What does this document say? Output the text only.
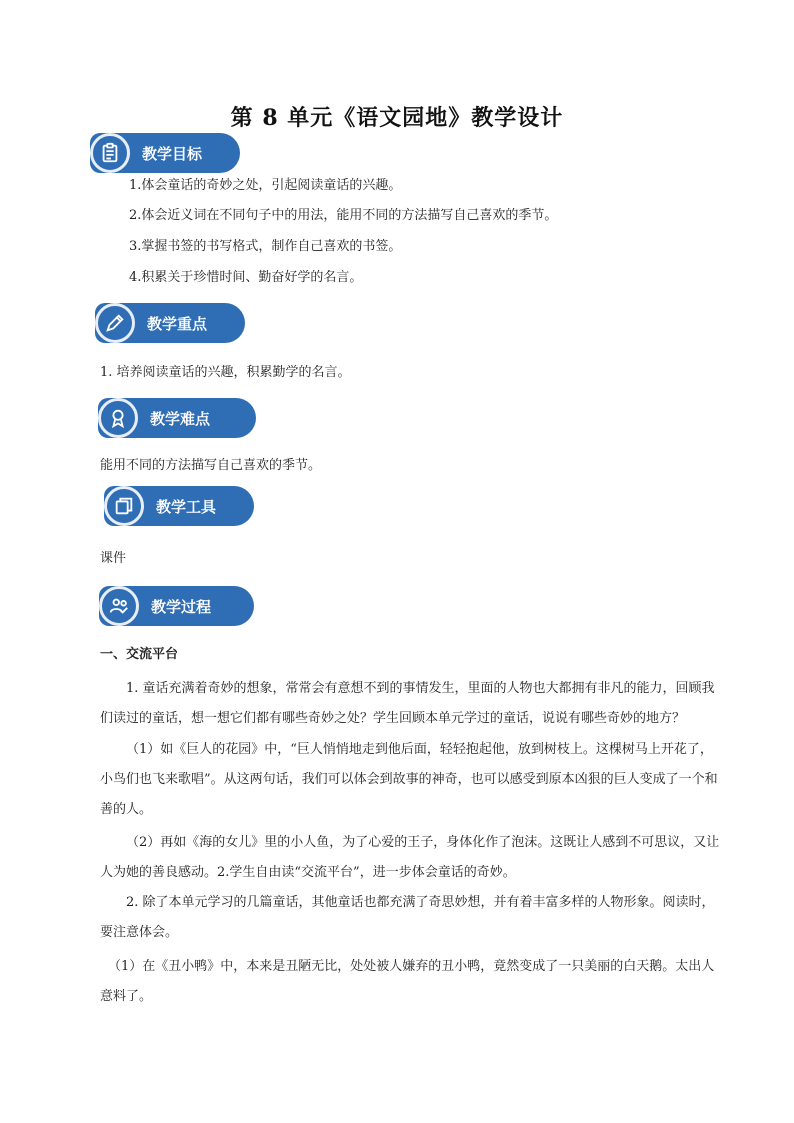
第 8 单元《语文园地》教学设计
教学目标

1.体会童话的奇妙之处，引起阅读童话的兴趣。

2.体会近义词在不同句子中的用法，能用不同的方法描写自己喜欢的季节。

3.掌握书签的书写格式，制作自己喜欢的书签。

4.积累关于珍惜时间、勤奋好学的名言。

教学重点

1. 培养阅读童话的兴趣，积累勤学的名言。

教学难点

能用不同的方法描写自己喜欢的季节。

教学工具

课件

教学过程

一、交流平台

1. 童话充满着奇妙的想象，常常会有意想不到的事情发生，里面的人物也大都拥有非凡的能力，回顾我们读过的童话，想一想它们都有哪些奇妙之处？学生回顾本单元学过的童话，说说有哪些奇妙的地方？

（1）如《巨人的花园》中，“巨人悄悄地走到他后面，轻轻抱起他，放到树枝上。这棵树马上开花了，小鸟们也飞来歌唱”。从这两句话，我们可以体会到故事的神奇，也可以感受到原本凶狠的巨人变成了一个和善的人。

（2）再如《海的女儿》里的小人鱼，为了心爱的王子，身体化作了泡沫。这既让人感到不可思议，又让人为她的善良感动。2.学生自由读“交流平台”，进一步体会童话的奇妙。

2. 除了本单元学习的几篇童话，其他童话也都充满了奇思妙想，并有着丰富多样的人物形象。阅读时，要注意体会。

（1）在《丑小鸭》中，本来是丑陋无比，处处被人嫌弃的丑小鸭，竟然变成了一只美丽的白天鹅。太出人意料了。
